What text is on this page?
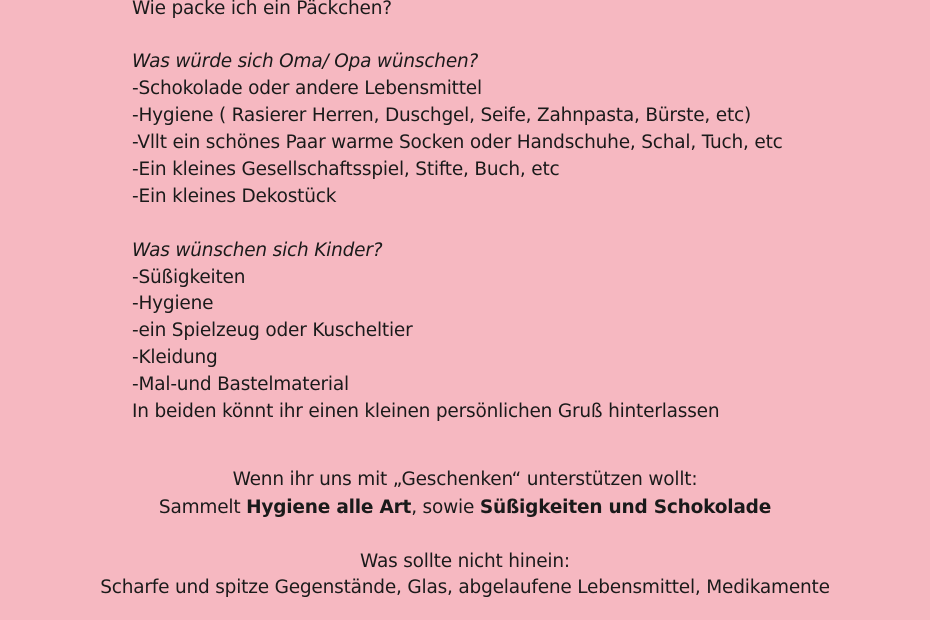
Wie packe ich ein Päckchen?
Was würde sich Oma/ Opa wünschen?
-Schokolade oder andere Lebensmittel
-Hygiene ( Rasierer Herren, Duschgel, Seife, Zahnpasta, Bürste, etc)
-Vllt ein schönes Paar warme Socken oder Handschuhe, Schal, Tuch, etc
-Ein kleines Gesellschaftsspiel, Stifte, Buch, etc
-Ein kleines Dekostück
Was wünschen sich Kinder?
-Süßigkeiten
-Hygiene
-ein Spielzeug oder Kuscheltier
-Kleidung
-Mal-und Bastelmaterial
In beiden könnt ihr einen kleinen persönlichen Gruß hinterlassen
Wenn ihr uns mit „Geschenken“ unterstützen wollt:
Sammelt Hygiene alle Art, sowie Süßigkeiten und Schokolade
Was sollte nicht hinein:
Scharfe und spitze Gegenstände, Glas, abgelaufene Lebensmittel, Medikamente
